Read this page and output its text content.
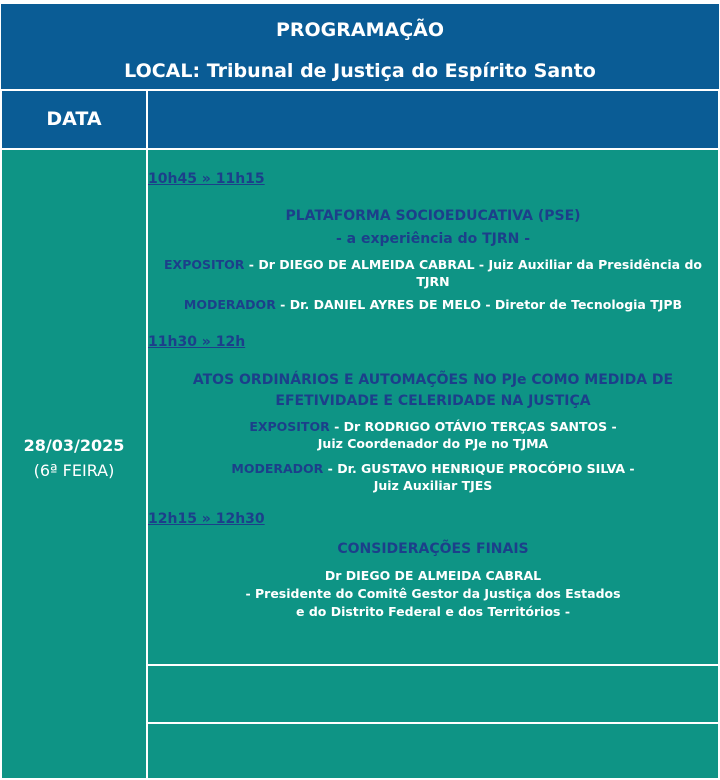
PROGRAMAÇÃO
LOCAL: Tribunal de Justiça do Espírito Santo
DATA
28/03/2025
(6ª FEIRA)
10h45 » 11h15
PLATAFORMA SOCIOEDUCATIVA (PSE)
- a experiência do TJRN -
EXPOSITOR - Dr DIEGO DE ALMEIDA CABRAL - Juiz Auxiliar da Presidência do
TJRN
MODERADOR - Dr. DANIEL AYRES DE MELO - Diretor de Tecnologia TJPB
11h30 » 12h
ATOS ORDINÁRIOS E AUTOMAÇÕES NO PJe COMO MEDIDA DE
EFETIVIDADE E CELERIDADE NA JUSTIÇA
EXPOSITOR - Dr RODRIGO OTÁVIO TERÇAS SANTOS -
Juiz Coordenador do PJe no TJMA
MODERADOR - Dr. GUSTAVO HENRIQUE PROCÓPIO SILVA -
Juiz Auxiliar TJES
12h15 » 12h30
CONSIDERAÇÕES FINAIS
Dr DIEGO DE ALMEIDA CABRAL
- Presidente do Comitê Gestor da Justiça dos Estados
e do Distrito Federal e dos Territórios -
